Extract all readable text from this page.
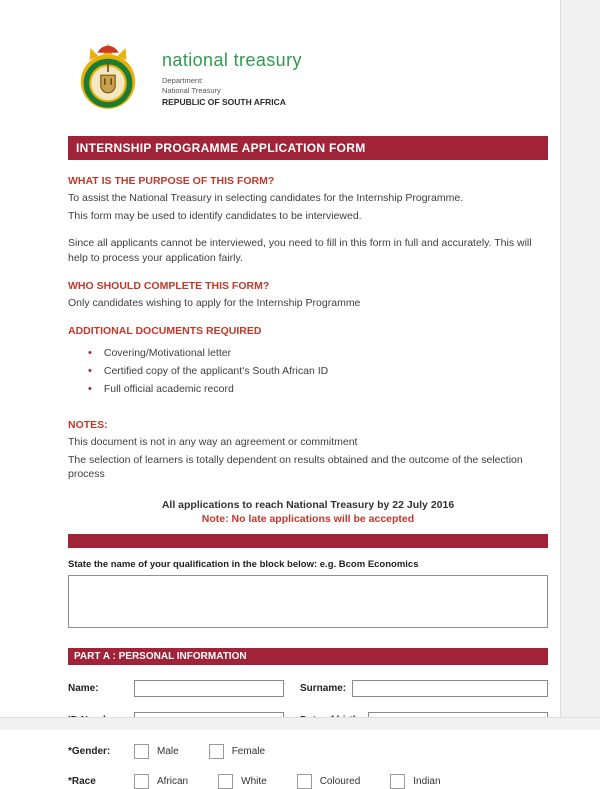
national treasury
Department:
National Treasury
REPUBLIC OF SOUTH AFRICA
INTERNSHIP PROGRAMME APPLICATION FORM
WHAT IS THE PURPOSE OF THIS FORM?
To assist the National Treasury in selecting candidates for the Internship Programme.
This form may be used to identify candidates to be interviewed.
Since all applicants cannot be interviewed, you need to fill in this form in full and accurately. This will help to process your application fairly.
WHO SHOULD COMPLETE THIS FORM?
Only candidates wishing to apply for the Internship Programme
ADDITIONAL DOCUMENTS REQUIRED
• Covering/Motivational letter
• Certified copy of the applicant's South African ID
• Full official academic record
NOTES:
This document is not in any way an agreement or commitment
The selection of learners is totally dependent on results obtained and the outcome of the selection process
All applications to reach National Treasury by 22 July 2016
Note: No late applications will be accepted
State the name of your qualification in the block below: e.g. Bcom Economics
PART A : PERSONAL INFORMATION
Name:	Surname:
*Gender:	Male	Female
*Race	African	White	Coloured	Indian
